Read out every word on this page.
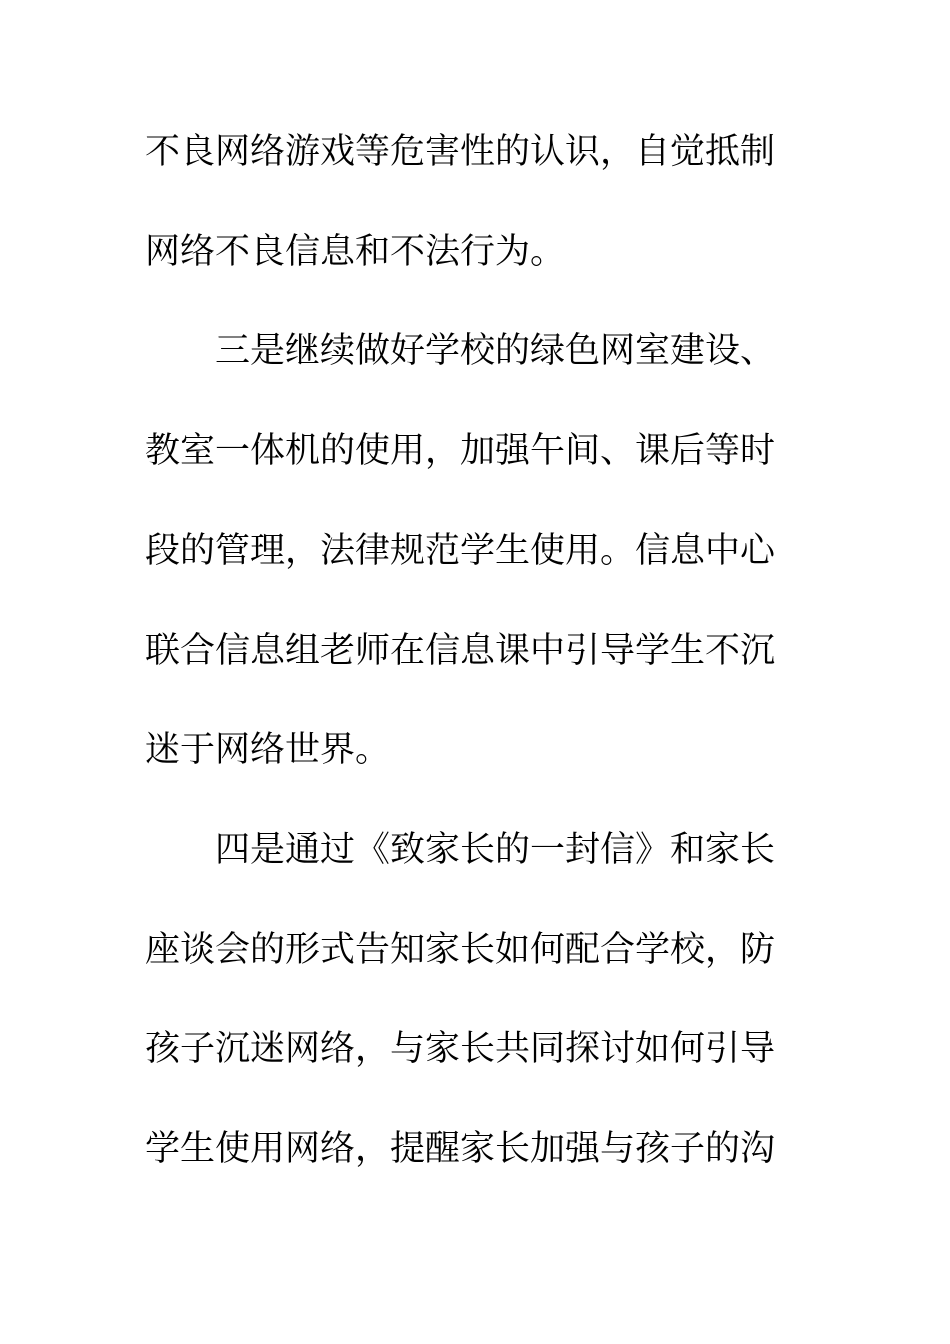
不良网络游戏等危害性的认识，自觉抵制

网络不良信息和不法行为。

三是继续做好学校的绿色网室建设、

教室一体机的使用，加强午间、课后等时

段的管理，法律规范学生使用。信息中心

联合信息组老师在信息课中引导学生不沉

迷于网络世界。

四是通过《致家长的一封信》和家长

座谈会的形式告知家长如何配合学校，防

孩子沉迷网络，与家长共同探讨如何引导

学生使用网络，提醒家长加强与孩子的沟
